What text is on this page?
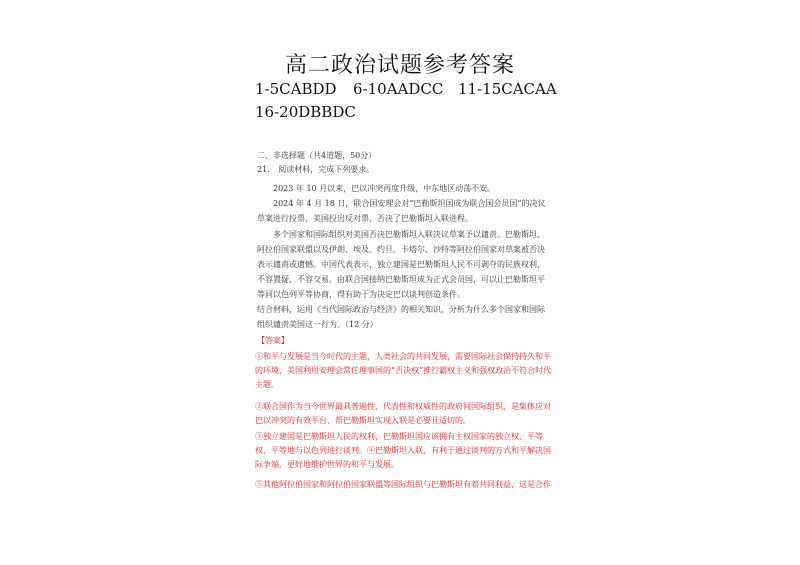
高二政治试题参考答案
1-5CABDD 6-10AADCC 11-15CACAA
16-20DBBDC
二、非选择题（共4道题，50分）
21. 阅读材料，完成下列要求。
2023 年 10 月以来，巴以冲突再度升级，中东地区动荡不安。
2024 年 4 月 18 日，联合国安理会对“巴勒斯坦国成为联合国会员国”的决议草案进行投票，美国投出反对票，否决了巴勒斯坦入联进程。
多个国家和国际组织对美国否决巴勒斯坦入联决议草案予以谴责。巴勒斯坦、阿拉伯国家联盟以及伊朗、埃及、约旦、卡塔尔、沙特等阿拉伯国家对草案被否决表示谴责或遗憾。中国代表表示，独立建国是巴勒斯坦人民不可剥夺的民族权利，不容置疑、不容交易。由联合国接纳巴勒斯坦成为正式会员国，可以让巴勒斯坦平等同以色列平等协商，得有助于为决定巴以谈判创造条件。
结合材料，运用《当代国际政治与经济》的相关知识，分析为什么多个国家和国际组织谴责美国这一行为。（12 分）
【答案】
①和平与发展是当今时代的主题，人类社会的共同发展，需要国际社会保持持久和平的环境，美国利用安理会常任理事国的“否决权”推行霸权主义和强权政治不符合时代主题。
②联合国作为当今世界最具普遍性、代表性和权威性的政府间国际组织，是集体应对巴以冲突的有效平台，帮巴勒斯坦实现入联是必要且适切的。
③独立建国是巴勒斯坦人民的权利，巴勒斯坦国应该拥有主权国家的独立权、平等权，平等地与以色列进行谈判。④巴勒斯坦入联，有利于通过谈判的方式和平解决国际争端，更好地维护世界的和平与发展。
⑤其他阿拉伯国家和阿拉伯国家联盟等国际组织与巴勒斯坦有着共同利益，这是合作
